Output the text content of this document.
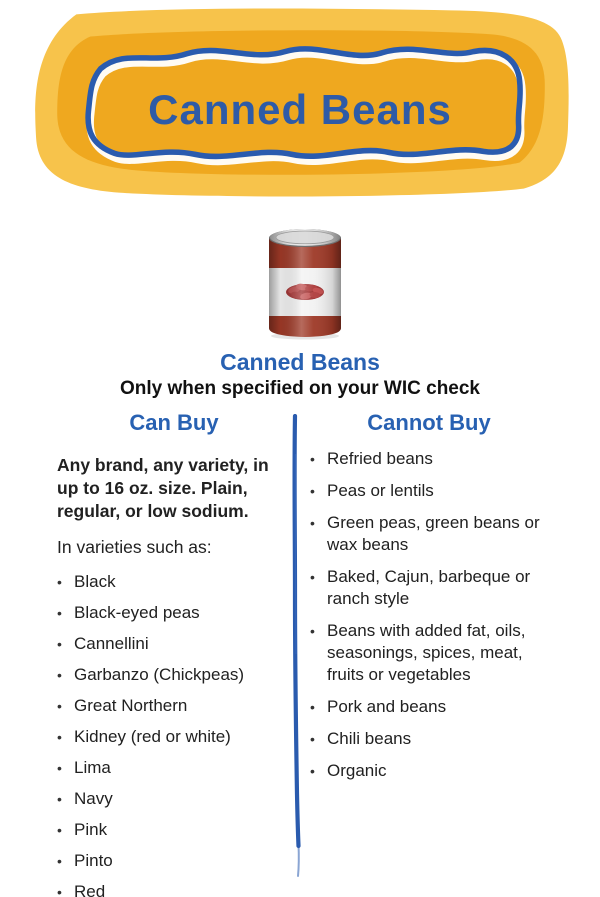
Canned Beans
Canned Beans
Only when specified on your WIC check
Can Buy

Any brand, any variety, in up to 16 oz. size. Plain, regular, or low sodium.

In varieties such as:

• Black
• Black-eyed peas
• Cannellini
• Garbanzo (Chickpeas)
• Great Northern
• Kidney (red or white)
• Lima
• Navy
• Pink
• Pinto
• Red
Cannot Buy
• Refried beans
• Peas or lentils
• Green peas, green beans or wax beans
• Baked, Cajun, barbeque or ranch style
• Beans with added fat, oils, seasonings, spices, meat, fruits or vegetables
• Pork and beans
• Chili beans
• Organic
